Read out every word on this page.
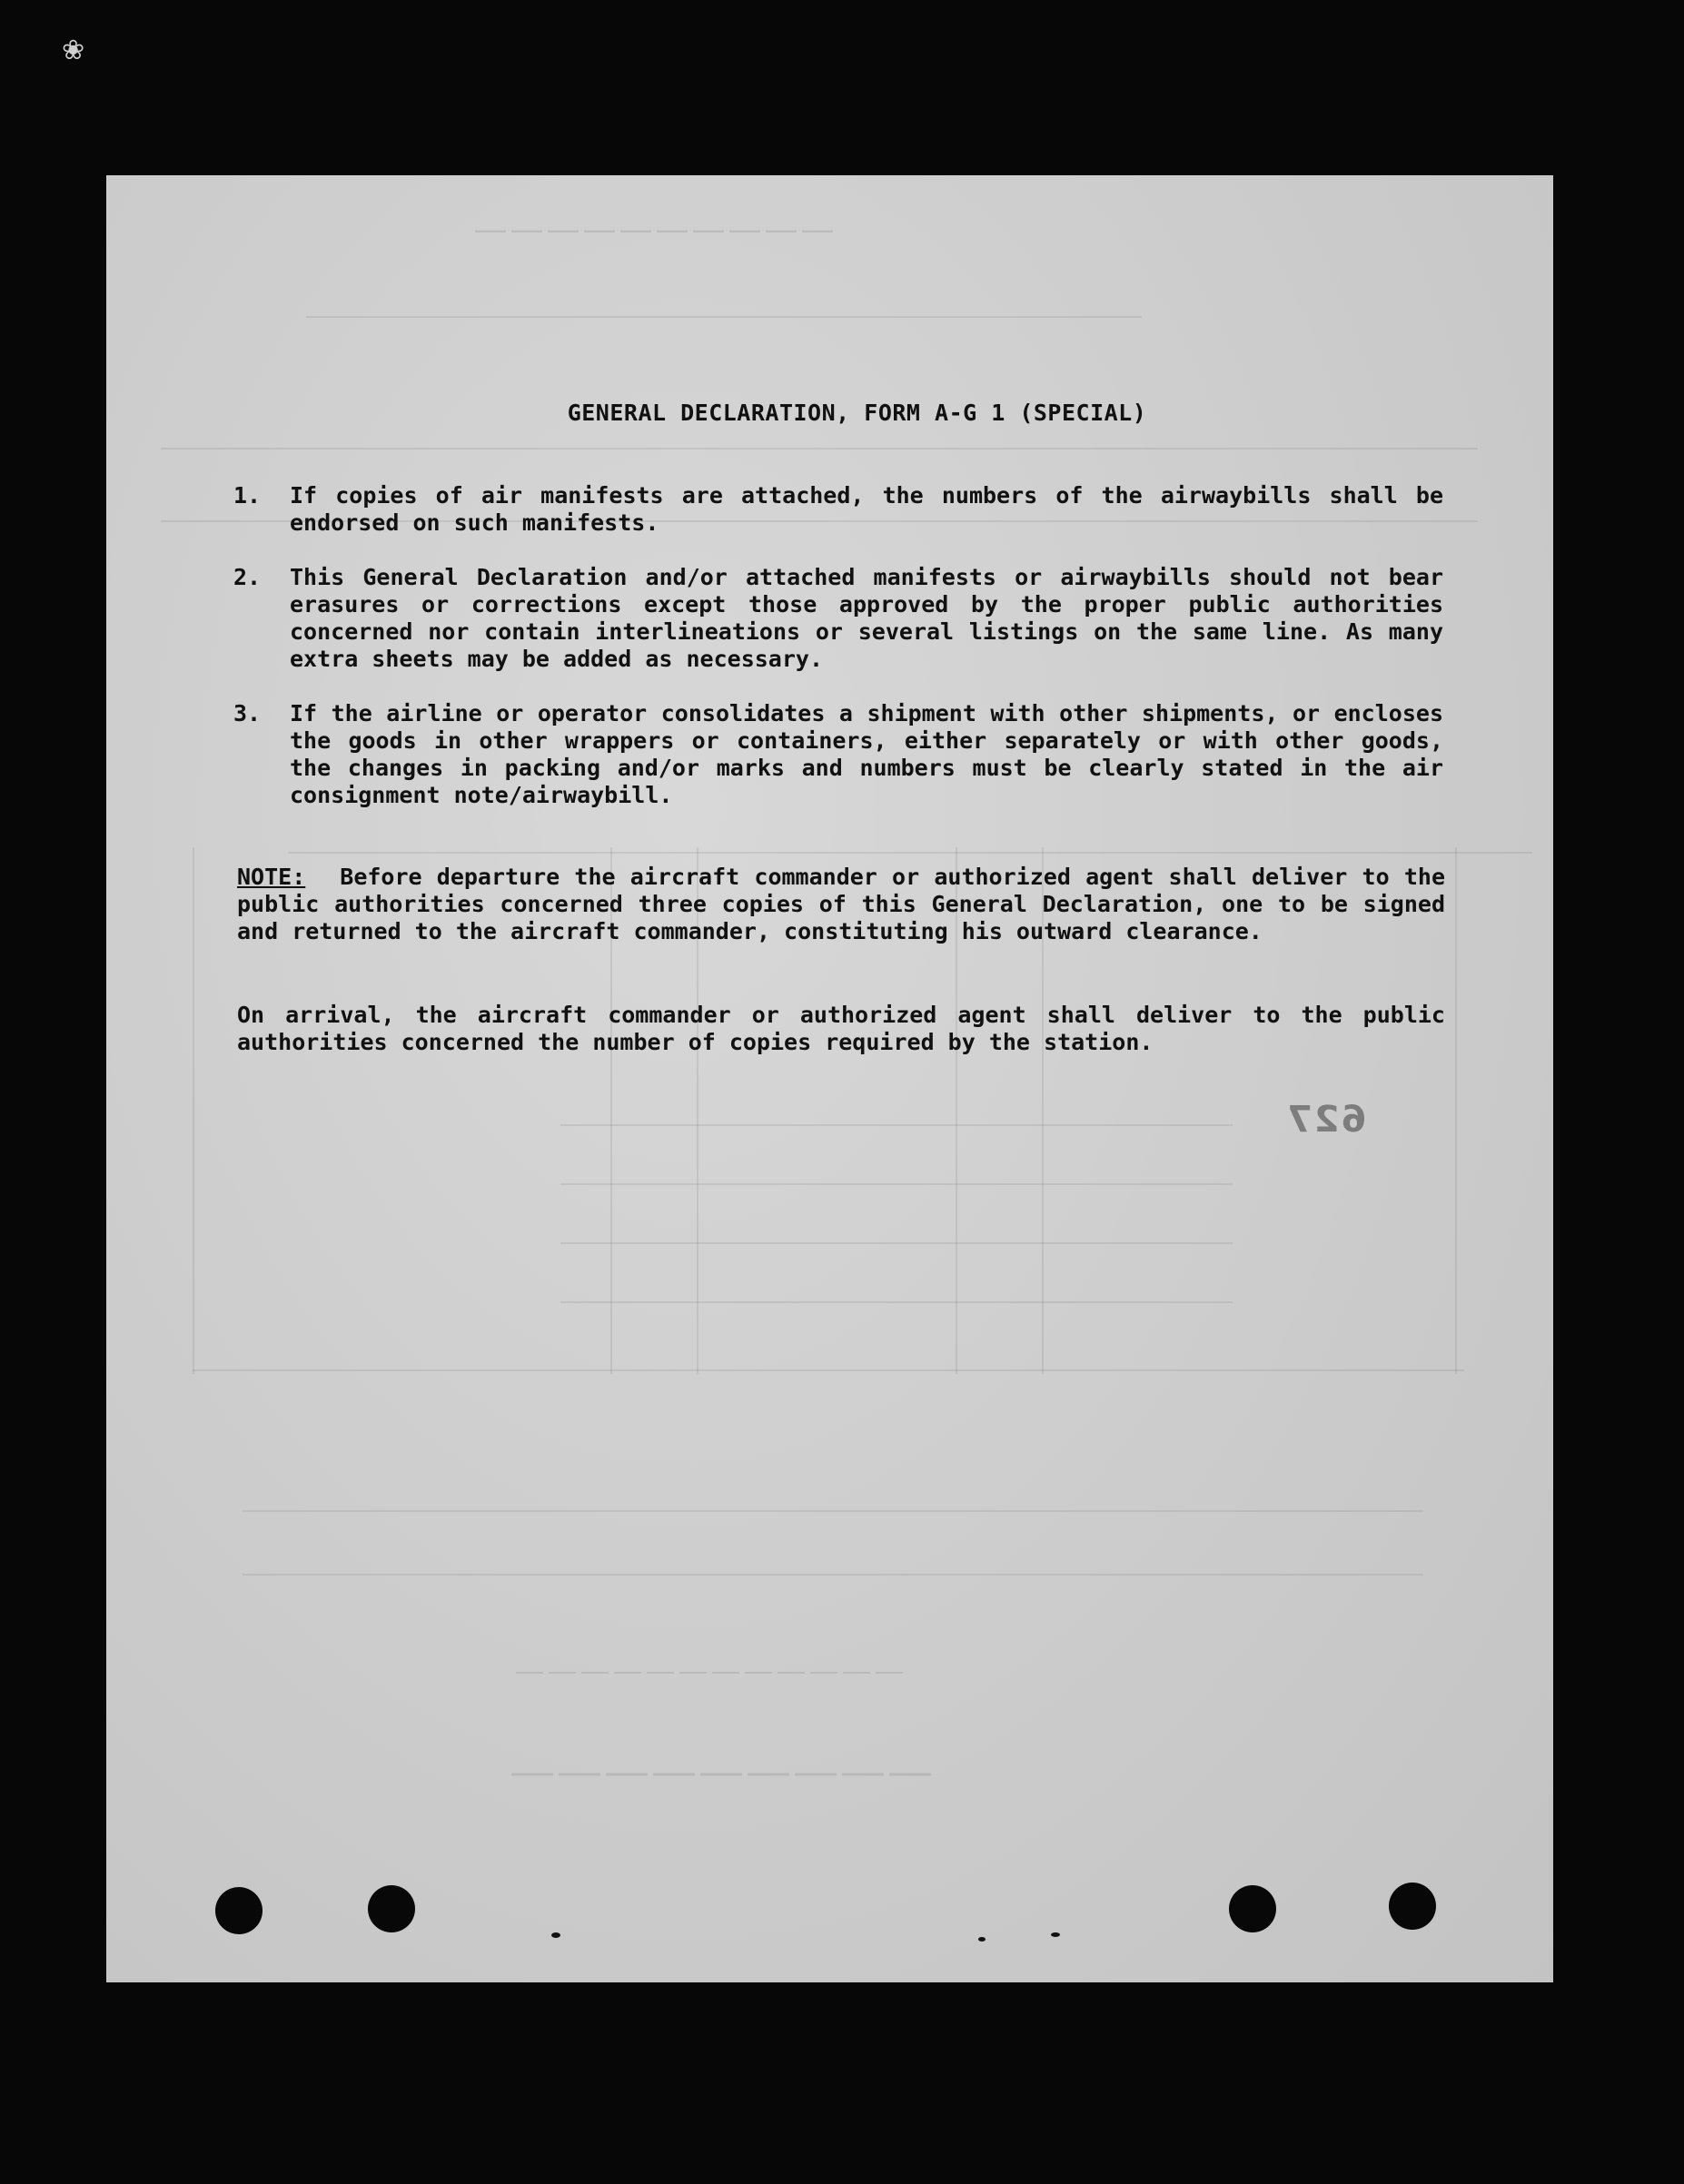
❀
――――――――――
――――――――――――
―――――――――
GENERAL DECLARATION, FORM A-G 1 (SPECIAL)
1.	If copies of air manifests are attached, the numbers of the airwaybills shall be endorsed on such manifests.
2.	This General Declaration and/or attached manifests or airwaybills should not bear erasures or corrections except those approved by the proper public authorities concerned nor contain interlineations or several listings on the same line. As many extra sheets may be added as necessary.
3.	If the airline or operator consolidates a shipment with other shipments, or encloses the goods in other wrappers or containers, either separately or with other goods, the changes in packing and/or marks and numbers must be clearly stated in the air consignment note/airwaybill.
NOTE: Before departure the aircraft commander or authorized agent shall deliver to the public authorities concerned three copies of this General Declaration, one to be signed and returned to the aircraft commander, constituting his outward clearance.
On arrival, the aircraft commander or authorized agent shall deliver to the public authorities concerned the number of copies required by the station.
627
